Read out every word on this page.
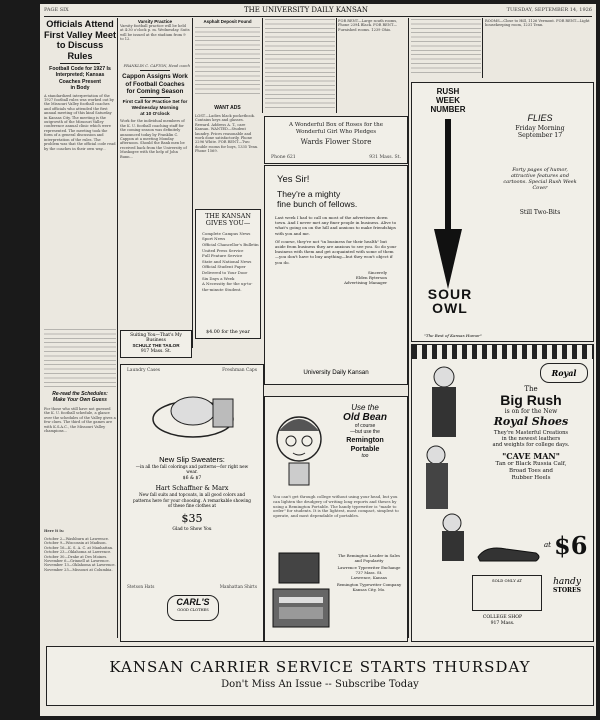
PAGE SIX	THE UNIVERSITY DAILY KANSAN	TUESDAY, SEPTEMBER 14, 1926
Officials Attend
First Valley Meet
to Discuss Rules
Football Code for 1927 Is
Interpreted; Kansas
Coaches Present
in Body
A standardized interpretation of the 1927 football rules was worked out by the Missouri Valley football coaches and officials who attended the first annual meeting of this kind Saturday in Kansas City. The meeting is the outgrowth of the Missouri Valley conference annual clinic which were represented. The meeting took the form of a general discussion and interpretation of the rules. The problem was that the official code read by the coaches in their own way...
Re-read the Schedules:
Make Your Own Guess
For those who still have not guessed the K. U. football schedule, a glance over the schedules of the Valley gives a few clues. The third of the games are with K.S.A.C., the Missouri Valley champions...
Here it is:
October 2—Washburn at Lawrence. October 9—Wisconsin at Madison. October 16—K. S. A. C. at Manhattan. October 23—Oklahoma at Lawrence. October 30—Drake at Des Moines. November 6—Grinnell at Lawrence. November 13—Oklahoma at Lawrence. November 25—Missouri at Columbia.
Varsity Practice
Varsity football practice will be held at 4:30 o'clock p. m. Wednesday. Suits will be issued at the stadium from 9 to 12.
FRANKLIN C. CAPTON, Head coach
Cappon Assigns Work
of Football Coaches
for Coming Season
First Call for Practice Set for
Wednesday Morning
at 10 O'clock
Work for the individual members of the K. U. football coaching staff for the coming season was definitely announced today by Franklin C. Cappon at a meeting Monday afternoon. Should the Bank men be received back from the University of Muskogee with the help of John Bunn...
Asphalt Deposit Found
WANT ADS
LOST—Ladies black pocketbook. Contains keys and glasses. Reward. Address A. T., care Kansan. WANTED—Student laundry. Prices reasonable and work done satisfactorily. Phone 2296 White. FOR RENT—Two double rooms for boys, 1335 Tenn. Phone 1569.
FOR RENT—Large south rooms, Phone 2394 Black. FOR RENT—Furnished rooms. 1239 Ohio.
ROOMS—Close to Hill, 1126 Vermont. FOR RENT—Light housekeeping room, 1231 Tenn.
A Wonderful Box of Roses for the
Wonderful Girl Who Pledges
Wards Flower Store
Phone 621	931 Mass. St.
THE KANSAN
GIVES YOU—
Complete Campus News
Sport News
Official Chancellor's Bulletin
United Press Service
Full Feature Service
State and National News
Official Student Paper
Delivered to Your Door
Six Days a Week
A Necessity for the up-to-the-minute Student.
$4.00 for the year
Suiting You—That's My
Business
SCHULZ THE TAILOR
917 Mass. St.
Yes Sir!
They're a mighty
fine bunch of fellows.
Last week I had to call on most of the advertisers down town. And I never met any finer people in business. Alive to what's going on on the hill and anxious to make friendships with you and me.
Of course, they're not "in business for their health" but aside from business they are anxious to see you. So do your business with them and get acquainted with some of them—you don't have to buy anything—but they won't object if you do.
Sincerely
Elden Ryterson
Advertising Manager
University Daily Kansan
RUSH
WEEK
NUMBER
SOUR
OWL
"The Best of Kansas Humor"
FLIES
Friday Morning
September 17
Forty pages of humor, attractive features and cartoons. Special Rush Week Cover
Still Two-Bits
Laundry Cases	Freshman Caps
New Slip Sweaters:
—in all the fall colorings and patterns—for right new wear.
$6 & $7
Hart Schaffner & Marx
New fall suits and topcoats, in all good colors and patterns here for your choosing. A remarkable showing of these fine clothes at
$35
Glad to Show You
Stetson Hats	Manhattan Shirts
CARL'S
GOOD CLOTHES
Use the
Old Bean
of course
—but use the
Remington
Portable
too
You can't get through college without using your head, but you can lighten the drudgery of writing long reports and theses by using a Remington Portable. The handy typewriter is "made to order" for students. It is the lightest, most compact, simplest to operate, and most dependable of portables.
The Remington Leader in Sales and Popularity
Lawrence Typewriter Exchange
737 Mass. St.
Lawrence, Kansas
Remington Typewriter Company
Kansas City, Mo.
Royal
The
Big Rush
is on for the New
Royal Shoes
They're Masterful Creations
in the newest leathers
and weights for college days.
"CAVE MAN"
Tan or Black Russia Calf,
Broad Toes and
Rubber Heels
at $6
SOLD ONLY AT	handy
STORES
COLLEGE SHOP
917 Mass.
KANSAN CARRIER SERVICE STARTS THURSDAY
Don't Miss An Issue -- Subscribe Today
